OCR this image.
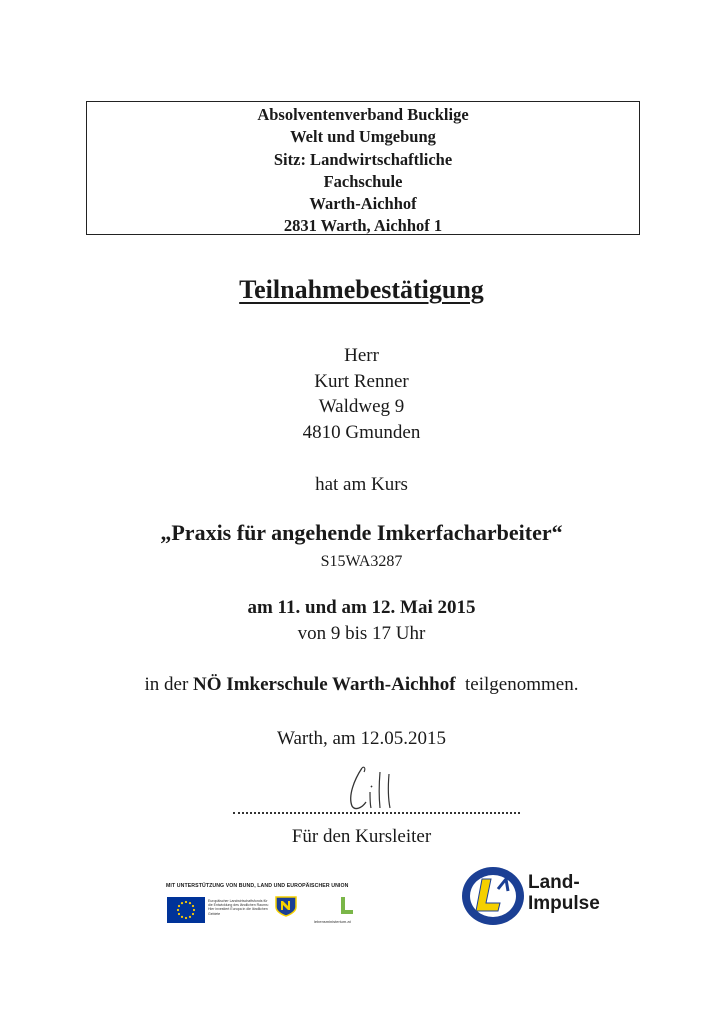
Absolventenverband Bucklige
Welt und Umgebung
Sitz: Landwirtschaftliche
Fachschule
Warth-Aichhof
2831 Warth, Aichhof 1
Teilnahmebestätigung
Herr
Kurt Renner
Waldweg 9
4810 Gmunden
hat am Kurs
„Praxis für angehende Imkerfacharbeiter“
S15WA3287
am 11. und am 12. Mai 2015
von 9 bis 17 Uhr
in der NÖ Imkerschule Warth-Aichhof teilgenommen.
Warth, am 12.05.2015
Für den Kursleiter
MIT UNTERSTÜTZUNG VON BUND, LAND UND EUROPÄISCHER UNION
Europäischer Landwirtschaftsfonds für die Entwicklung des ländlichen Raums: Hier investiert Europa in die ländlichen Gebiete
lebensministerium.at
Land-
Impulse
